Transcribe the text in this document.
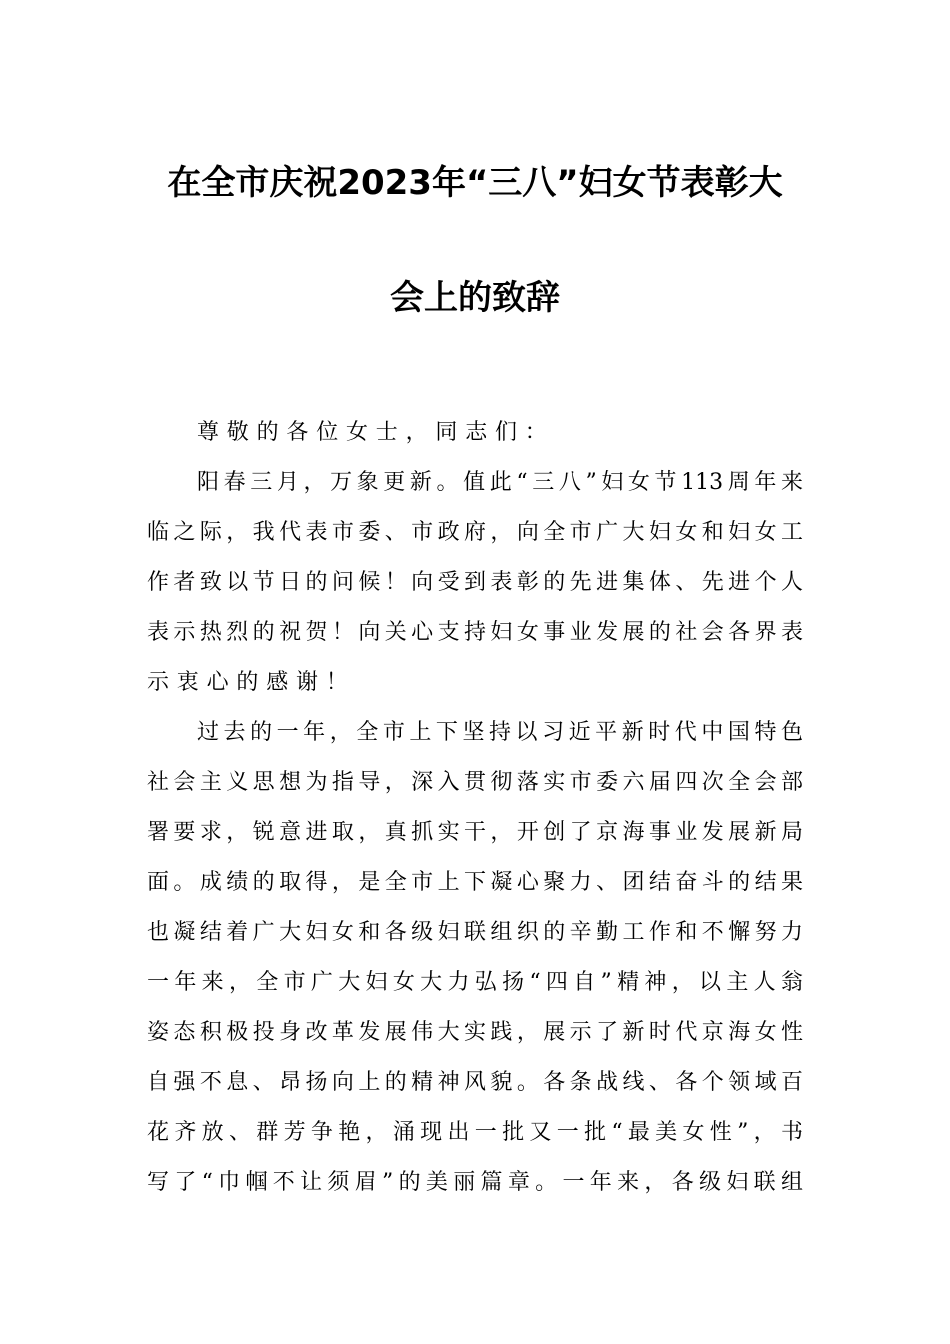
在全市庆祝2023年“三八”妇女节表彰大
会上的致辞
尊敬的各位女士，同志们：
阳春三月，万象更新。值此“三八”妇女节113周年来
临之际，我代表市委、市政府，向全市广大妇女和妇女工
作者致以节日的问候！向受到表彰的先进集体、先进个人
表示热烈的祝贺！向关心支持妇女事业发展的社会各界表
示衷心的感谢！
过去的一年，全市上下坚持以习近平新时代中国特色
社会主义思想为指导，深入贯彻落实市委六届四次全会部
署要求，锐意进取，真抓实干，开创了京海事业发展新局
面。成绩的取得，是全市上下凝心聚力、团结奋斗的结果
也凝结着广大妇女和各级妇联组织的辛勤工作和不懈努力
一年来，全市广大妇女大力弘扬“四自”精神，以主人翁
姿态积极投身改革发展伟大实践，展示了新时代京海女性
自强不息、昂扬向上的精神风貌。各条战线、各个领域百
花齐放、群芳争艳，涌现出一批又一批“最美女性”，书
写了“巾帼不让须眉”的美丽篇章。一年来，各级妇联组
